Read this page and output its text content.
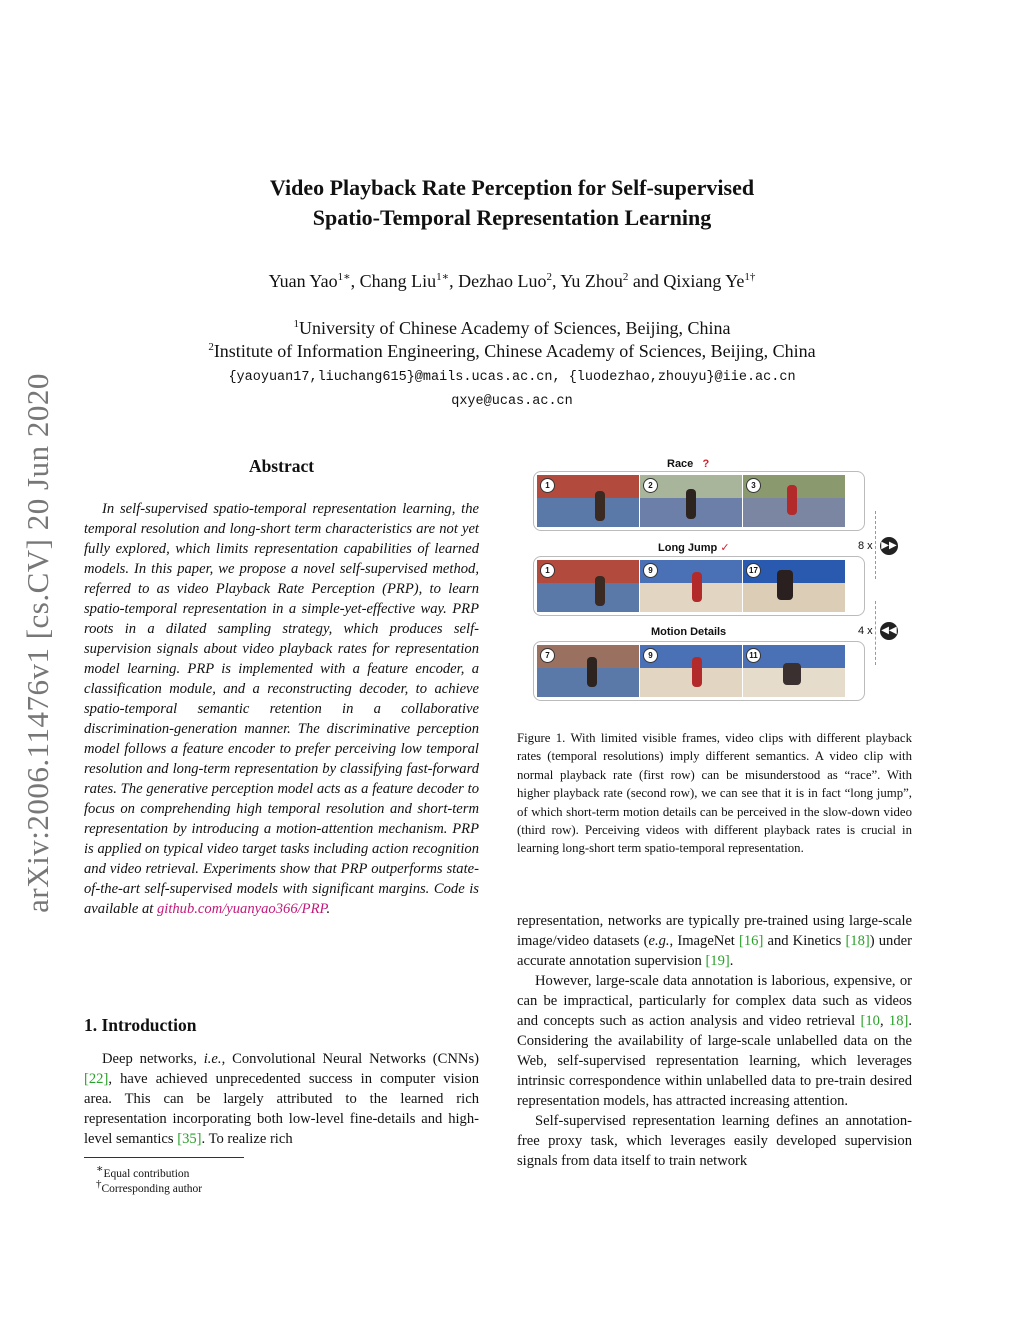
Video Playback Rate Perception for Self-supervised
Spatio-Temporal Representation Learning
Yuan Yao$^{1∗}$, Chang Liu$^{1∗}$, Dezhao Luo$^2$, Yu Zhou$^2$ and Qixiang $Ye^{1\dagger}$
$^1$University of Chinese Academy of Sciences, Beijing, China
$^2$Institute of Information Engineering, Chinese Academy of Sciences, Beijing, China
{yaoyuan17,liuchang615}@mails.ucas.ac.cn, {luodezhao,zhouyu}@iie.ac.cn
qxye@ucas.ac.cn
arXiv:2006.11476v1 [cs.CV] 20 Jun 2020	Abstract
In self-supervised spatio-temporal representation learning, the temporal resolution and long-short term characteristics are not yet fully explored, which limits representation capabilities of learned models. In this paper, we propose a novel self-supervised method, referred to as video Playback Rate Perception (PRP), to learn spatio-temporal representation in a simple-yet-effective way. PRP roots in a dilated sampling strategy, which produces self-supervision signals about video playback rates for representation model learning. PRP is implemented with a feature encoder, a classification module, and a reconstructing decoder, to achieve spatio-temporal semantic retention in a collaborative discrimination-generation manner. The discriminative perception model follows a feature encoder to prefer perceiving low temporal resolution and long-term representation by classifying fast-forward rates. The generative perception model acts as a feature decoder to focus on comprehending high temporal resolution and short-term representation by introducing a motion-attention mechanism. PRP is applied on typical video target tasks including action recognition and video retrieval. Experiments show that PRP outperforms state-of-the-art self-supervised models with significant margins. Code is available at github.com/yuanyao366/PRP.
1. Introduction
Deep networks, i.e., Convolutional Neural Networks (CNNs) [22], have achieved unprecedented success in computer vision area. This can be largely attributed to the learned rich representation incorporating both low-level fine-details and high-level semantics [35]. To realize rich
∗Equal contribution
†Corresponding author
Race ?
1	2	3
Long Jump ✓
1	9	17
Motion Details
7	9	11
8 x ▶▶
4 x ◀◀
Figure 1. With limited visible frames, video clips with different playback rates (temporal resolutions) imply different semantics. A video clip with normal playback rate (first row) can be misunderstood as “race”. With higher playback rate (second row), we can see that it is in fact “long jump”, of which short-term motion details can be perceived in the slow-down video (third row). Perceiving videos with different playback rates is crucial in learning long-short term spatio-temporal representation.

representation, networks are typically pre-trained using large-scale image/video datasets (e.g., ImageNet [16] and Kinetics [18]) under accurate annotation supervision [19].

However, large-scale data annotation is laborious, expensive, or can be impractical, particularly for complex data such as videos and concepts such as action analysis and video retrieval [10, 18]. Considering the availability of large-scale unlabelled data on the Web, self-supervised representation learning, which leverages intrinsic correspondence within unlabelled data to pre-train desired representation models, has attracted increasing attention.

Self-supervised representation learning defines an annotation-free proxy task, which leverages easily developed supervision signals from data itself to train network
